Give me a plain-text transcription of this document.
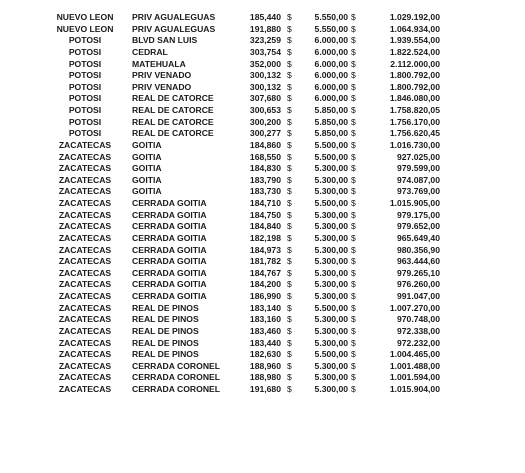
NUEVO LEON	PRIV AGUALEGUAS	185,440 $	5.550,00 $	1.029.192,00
NUEVO LEON	PRIV AGUALEGUAS	191,880 $	5.550,00 $	1.064.934,00
POTOSI	BLVD SAN LUIS	323,259 $	6.000,00 $	1.939.554,00
POTOSI	CEDRAL	303,754 $	6.000,00 $	1.822.524,00
POTOSI	MATEHUALA	352,000 $	6.000,00 $	2.112.000,00
POTOSI	PRIV VENADO	300,132 $	6.000,00 $	1.800.792,00
POTOSI	PRIV VENADO	300,132 $	6.000,00 $	1.800.792,00
POTOSI	REAL DE CATORCE	307,680 $	6.000,00 $	1.846.080,00
POTOSI	REAL DE CATORCE	300,653 $	5.850,00 $	1.758.820,05
POTOSI	REAL DE CATORCE	300,200 $	5.850,00 $	1.756.170,00
POTOSI	REAL DE CATORCE	300,277 $	5.850,00 $	1.756.620,45
ZACATECAS	GOITIA	184,860 $	5.500,00 $	1.016.730,00
ZACATECAS	GOITIA	168,550 $	5.500,00 $	927.025,00
ZACATECAS	GOITIA	184,830 $	5.300,00 $	979.599,00
ZACATECAS	GOITIA	183,790 $	5.300,00 $	974.087,00
ZACATECAS	GOITIA	183,730 $	5.300,00 $	973.769,00
ZACATECAS	CERRADA GOITIA	184,710 $	5.500,00 $	1.015.905,00
ZACATECAS	CERRADA GOITIA	184,750 $	5.300,00 $	979.175,00
ZACATECAS	CERRADA GOITIA	184,840 $	5.300,00 $	979.652,00
ZACATECAS	CERRADA GOITIA	182,198 $	5.300,00 $	965.649,40
ZACATECAS	CERRADA GOITIA	184,973 $	5.300,00 $	980.356,90
ZACATECAS	CERRADA GOITIA	181,782 $	5.300,00 $	963.444,60
ZACATECAS	CERRADA GOITIA	184,767 $	5.300,00 $	979.265,10
ZACATECAS	CERRADA GOITIA	184,200 $	5.300,00 $	976.260,00
ZACATECAS	CERRADA GOITIA	186,990 $	5.300,00 $	991.047,00
ZACATECAS	REAL DE PINOS	183,140 $	5.500,00 $	1.007.270,00
ZACATECAS	REAL DE PINOS	183,160 $	5.300,00 $	970.748,00
ZACATECAS	REAL DE PINOS	183,460 $	5.300,00 $	972.338,00
ZACATECAS	REAL DE PINOS	183,440 $	5.300,00 $	972.232,00
ZACATECAS	REAL DE PINOS	182,630 $	5.500,00 $	1.004.465,00
ZACATECAS	CERRADA CORONEL	188,960 $	5.300,00 $	1.001.488,00
ZACATECAS	CERRADA CORONEL	188,980 $	5.300,00 $	1.001.594,00
ZACATECAS	CERRADA CORONEL	191,680 $	5.300,00 $	1.015.904,00
